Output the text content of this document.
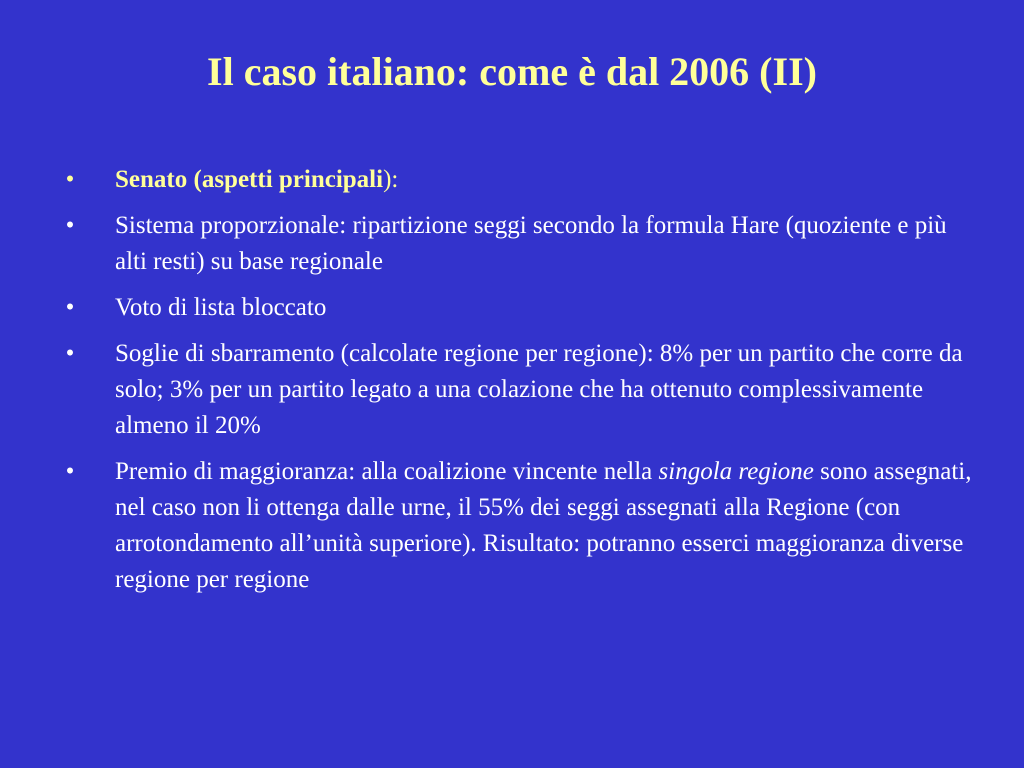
Il caso italiano: come è dal 2006 (II)
• Senato (aspetti principali):
• Sistema proporzionale: ripartizione seggi secondo la formula Hare (quoziente e più alti resti) su base regionale
• Voto di lista bloccato
• Soglie di sbarramento (calcolate regione per regione): 8% per un partito che corre da solo; 3% per un partito legato a una colazione che ha ottenuto complessivamente almeno il 20%
• Premio di maggioranza: alla coalizione vincente nella singola regione sono assegnati, nel caso non li ottenga dalle urne, il 55% dei seggi assegnati alla Regione (con arrotondamento all’unità superiore). Risultato: potranno esserci maggioranza diverse regione per regione
